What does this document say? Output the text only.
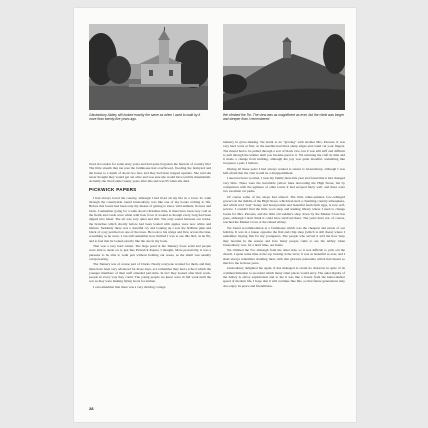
Glastonbury Abbey still looked exactly the same as when I used to walk by it more than twenty-five years ago.
We climbed the Tor. The view was as magnificent as ever, but the climb was longer and steeper than I remembered.

lived in London for some sixty years and had quite forgotten the hazards of country life! The little stream that ran past the farmhouse had overflowed, flooding the farmyard and the house to a depth of about two feet, and they had been trapped upstairs. She said she never thought they would get out alive and was sure she would have terrible rheumatism. Actually she lived some twenty years after this and was 95 when she died.

PICKWICK PAPERS

I had always loved the country, although I had lived all my life in a town. To walk through the countryside round Glastonbury was like one of my books coming to life. Before this books had been only my means of getting to know wild animals, flowers and birds. I remember going for a walk about Christmas time. It must have been very cold as the fields and roads were white with hoar frost. It looked as though every twig had been dipped into tinsel. The air was very quiet and still. The only sound between our tracks, the branches which shortly before had been loaded with apples were now white and lifeless. Suddenly there was a dreadful cry and looking up I saw the brilliant pink and black of a jay perched on one of the trees. He took to his wings and flew across the lane, screaming as he went. I can still remember how thrilled I was to see this bird, as he flit, and to feel that he looked exactly like the one in my book.

That was a very hard winter. The large pond at the Tannery froze solid and people were able to skate on it, just like Pickwick Papers, I thought. More prosaically, it was a pleasure to be able to walk part without holding our noses, as the smell was usually overpowering.

The Tannery was of course part of Clarks. Nearly everyone worked for them, and they must have been very advanced for those days, as I remember they had a school which the younger members of their staff attended part-time. In fact they looked after their work-people in every way they could. The young people we knew were in full work until the war as they were making flying boots for airmen.

I can remember that there was a very thriving cottage

industry in glove-making. We learnt to do "gloving" with another Mrs. Parsons. It was very hard work at first, as the needles had three sharp edges and could cut your fingers. The thread had to be pulled through a sort of black vice, but it was still stiff and difficult to pull through the leather until you became used to it. We unstrung the craft in time and it made a change from knitting, although the pay was quite dreadful, something like twopence a pair, I believe.

During all these years I had always wanted to return to Glastonbury, although I was half-afraid that the visit would be a disappointment.

I need not have worried. I took my family there this year and found that it had changed very little. There were the inevitable yellow lines decorating the High Street, but by comparison with the ugliness of other towns it had escaped fairly well, and there were two excellent car parks.

Of course some of the shops had altered. The little white-painted, low-ceilinged grocer's in the middle of the High Street, which had such a charming country atmosphere, and which sold "real" honey and honeycombs and beautiful fresh farm eggs, is now self-service. I couldn't find the little wool shop and lending library where I used to change books for Mrs. Parsons, and the little old saddler's shop down by the Market Cross has gone, although I don't think it could have survived there. The years have not, of course, touched the Market Cross or the ruined Abbey.

We found accommodation at a farmhouse which was the cheapest and nicest of our holiday. It was in a house opposite the fish and chip shop (which is still there) where I remember buying fish for my youngsters. The people who served it told me how busy they became in the season and how many people came to see the Abbey when Glastonbury was, for a brief time, our home.

We climbed the Tor, although from the other side, so it was difficult to pick out the church. I spent some time at the top looking at the view; it was as beautiful as ever, and I shall always remember standing there with that glorious panorama which had meant so much to me in those years.

Glastonbury delighted me again. It has managed to retain its character in spite of its commercialisation to an extent which many other places would envy. The quiet dignity of the Abbey is above exploitation and to me it was like a haven from the helter-skelter speed of modern life. I hope that it will continue like this, so that future generations may also enjoy its peace and friendliness.

28
